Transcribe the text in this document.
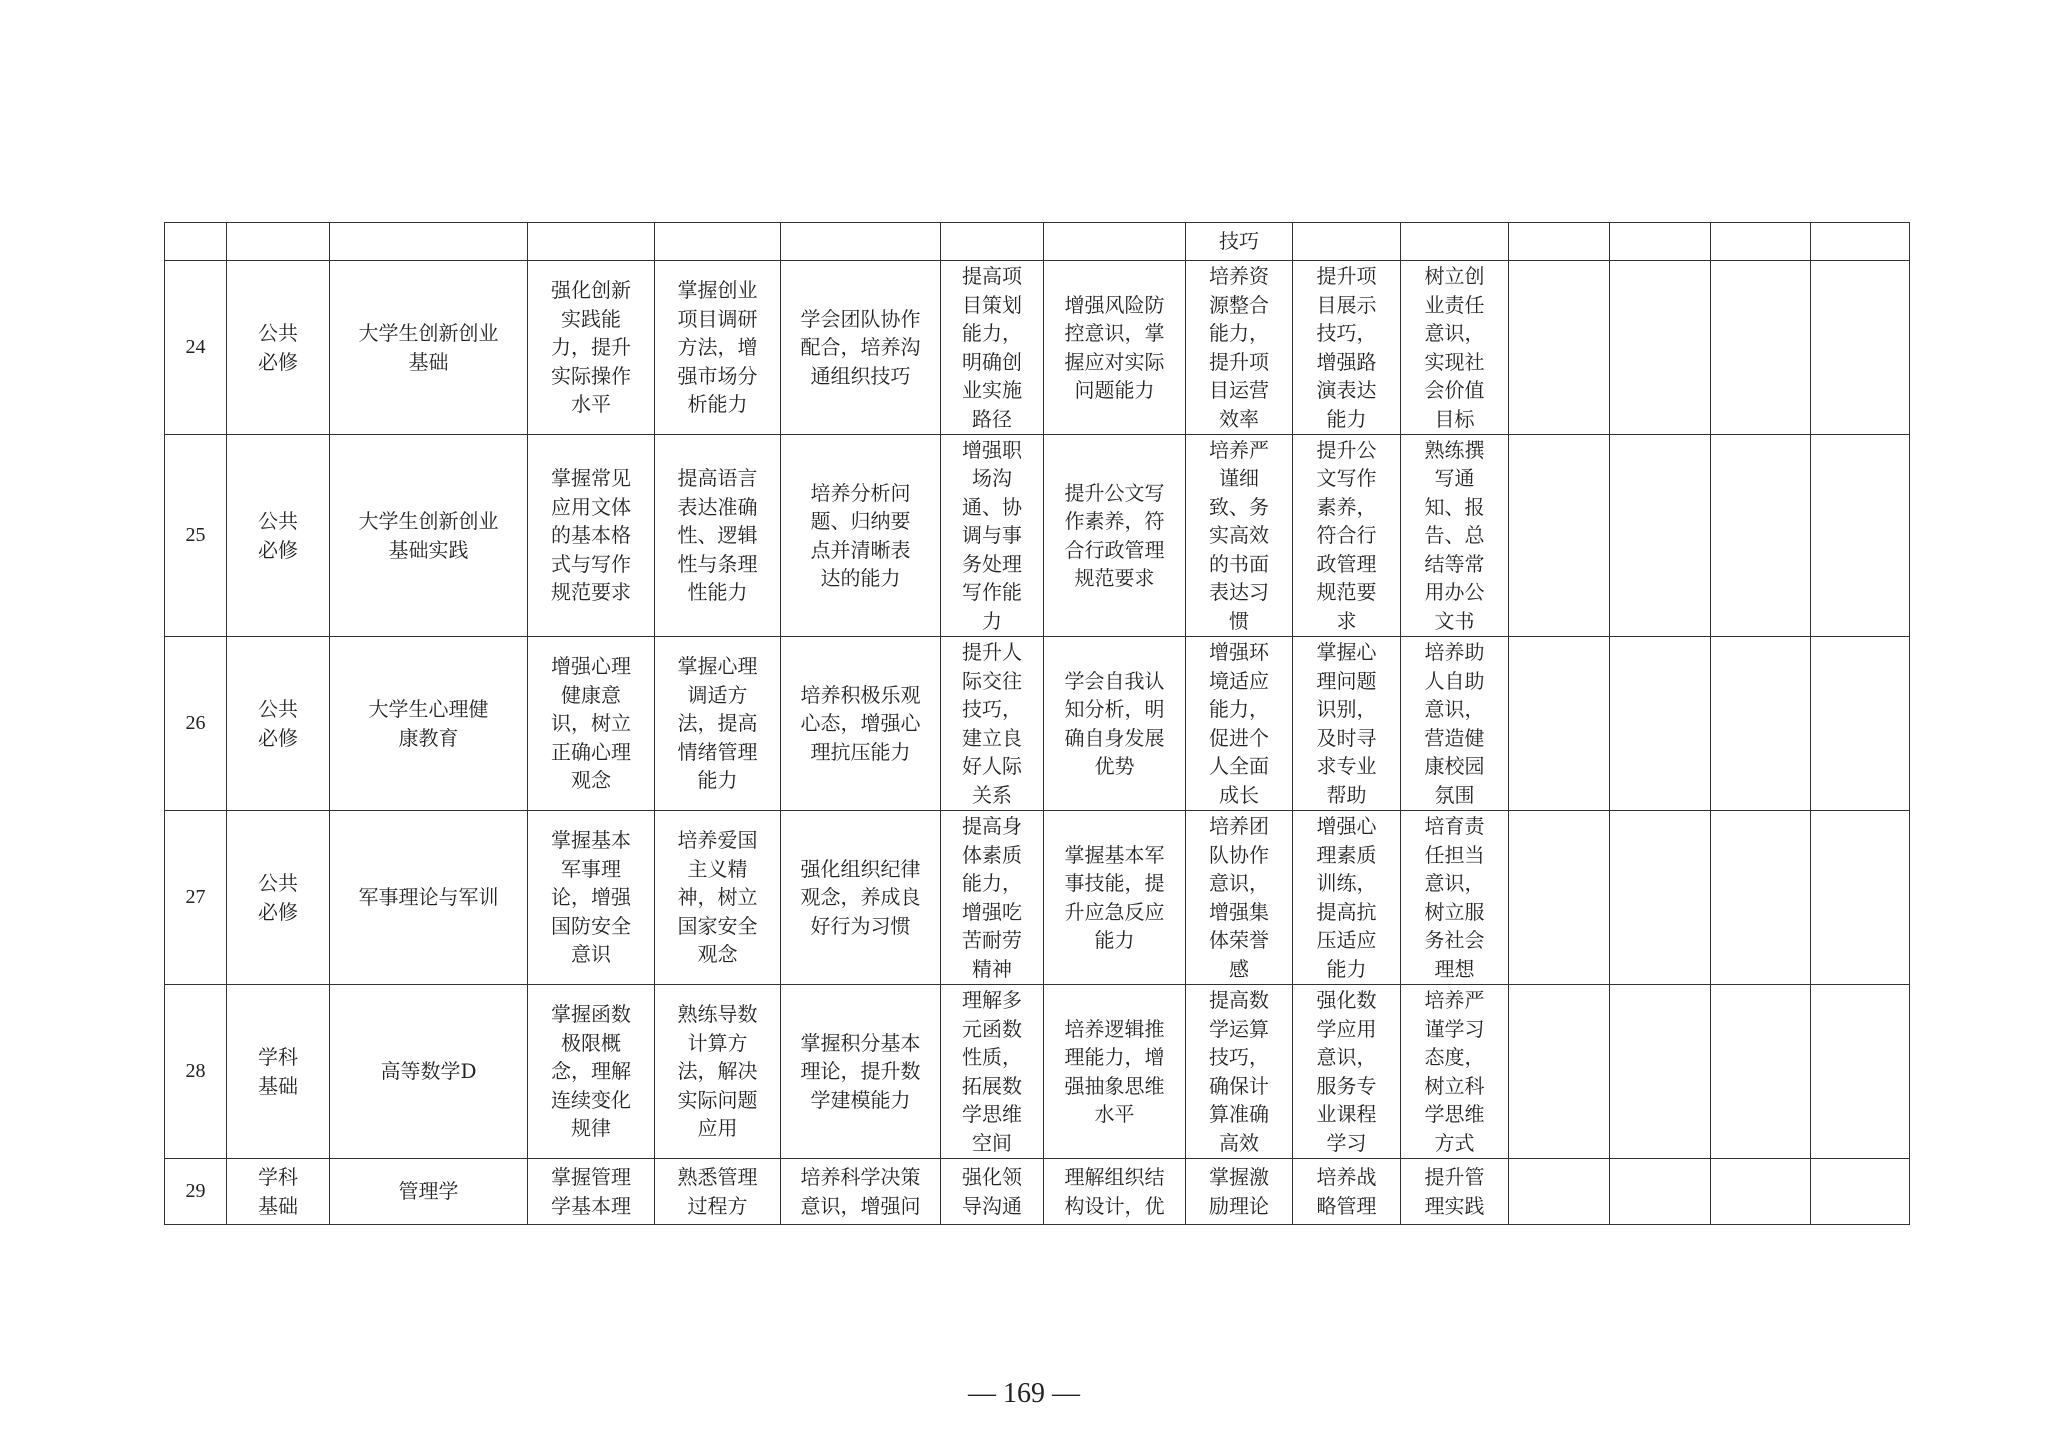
								技巧						

24	公共必修	大学生创新创业基础	强化创新实践能力，提升实际操作水平	掌握创业项目调研方法，增强市场分析能力	学会团队协作配合，培养沟通组织技巧	提高项目策划能力，明确创业实施路径	增强风险防控意识，掌握应对实际问题能力	培养资源整合能力，提升项目运营效率	提升项目展示技巧，增强路演表达能力	树立创业责任意识，实现社会价值目标				

25	公共必修	大学生创新创业基础实践	掌握常见应用文体的基本格式与写作规范要求	提高语言表达准确性、逻辑性与条理性能力	培养分析问题、归纳要点并清晰表达的能力	增强职场沟通、协调与事务处理写作能力	提升公文写作素养，符合行政管理规范要求	培养严谨细致、务实高效的书面表达习惯	提升公文写作素养，符合行政管理规范要求	熟练撰写通知、报告、总结等常用办公文书				

26	公共必修	大学生心理健康教育	增强心理健康意识，树立正确心理观念	掌握心理调适方法，提高情绪管理能力	培养积极乐观心态，增强心理抗压能力	提升人际交往技巧，建立良好人际关系	学会自我认知分析，明确自身发展优势	增强环境适应能力，促进个人全面成长	掌握心理问题识别，及时寻求专业帮助	培养助人自助意识，营造健康校园氛围				

27	公共必修	军事理论与军训	掌握基本军事理论，增强国防安全意识	培养爱国主义精神，树立国家安全观念	强化组织纪律观念，养成良好行为习惯	提高身体素质能力，增强吃苦耐劳精神	掌握基本军事技能，提升应急反应能力	培养团队协作意识，增强集体荣誉感	增强心理素质训练，提高抗压适应能力	培育责任担当意识，树立服务社会理想				

28	学科基础	高等数学D	掌握函数极限概念，理解连续变化规律	熟练导数计算方法，解决实际问题应用	掌握积分基本理论，提升数学建模能力	理解多元函数性质，拓展数学思维空间	培养逻辑推理能力，增强抽象思维水平	提高数学运算技巧，确保计算准确高效	强化数学应用意识，服务专业课程学习	培养严谨学习态度，树立科学思维方式				

29	学科基础	管理学	掌握管理学基本理	熟悉管理过程方	培养科学决策意识，增强问	强化领导沟通	理解组织结构设计，优	掌握激励理论	培养战略管理	提升管理实践				

— 169 —
